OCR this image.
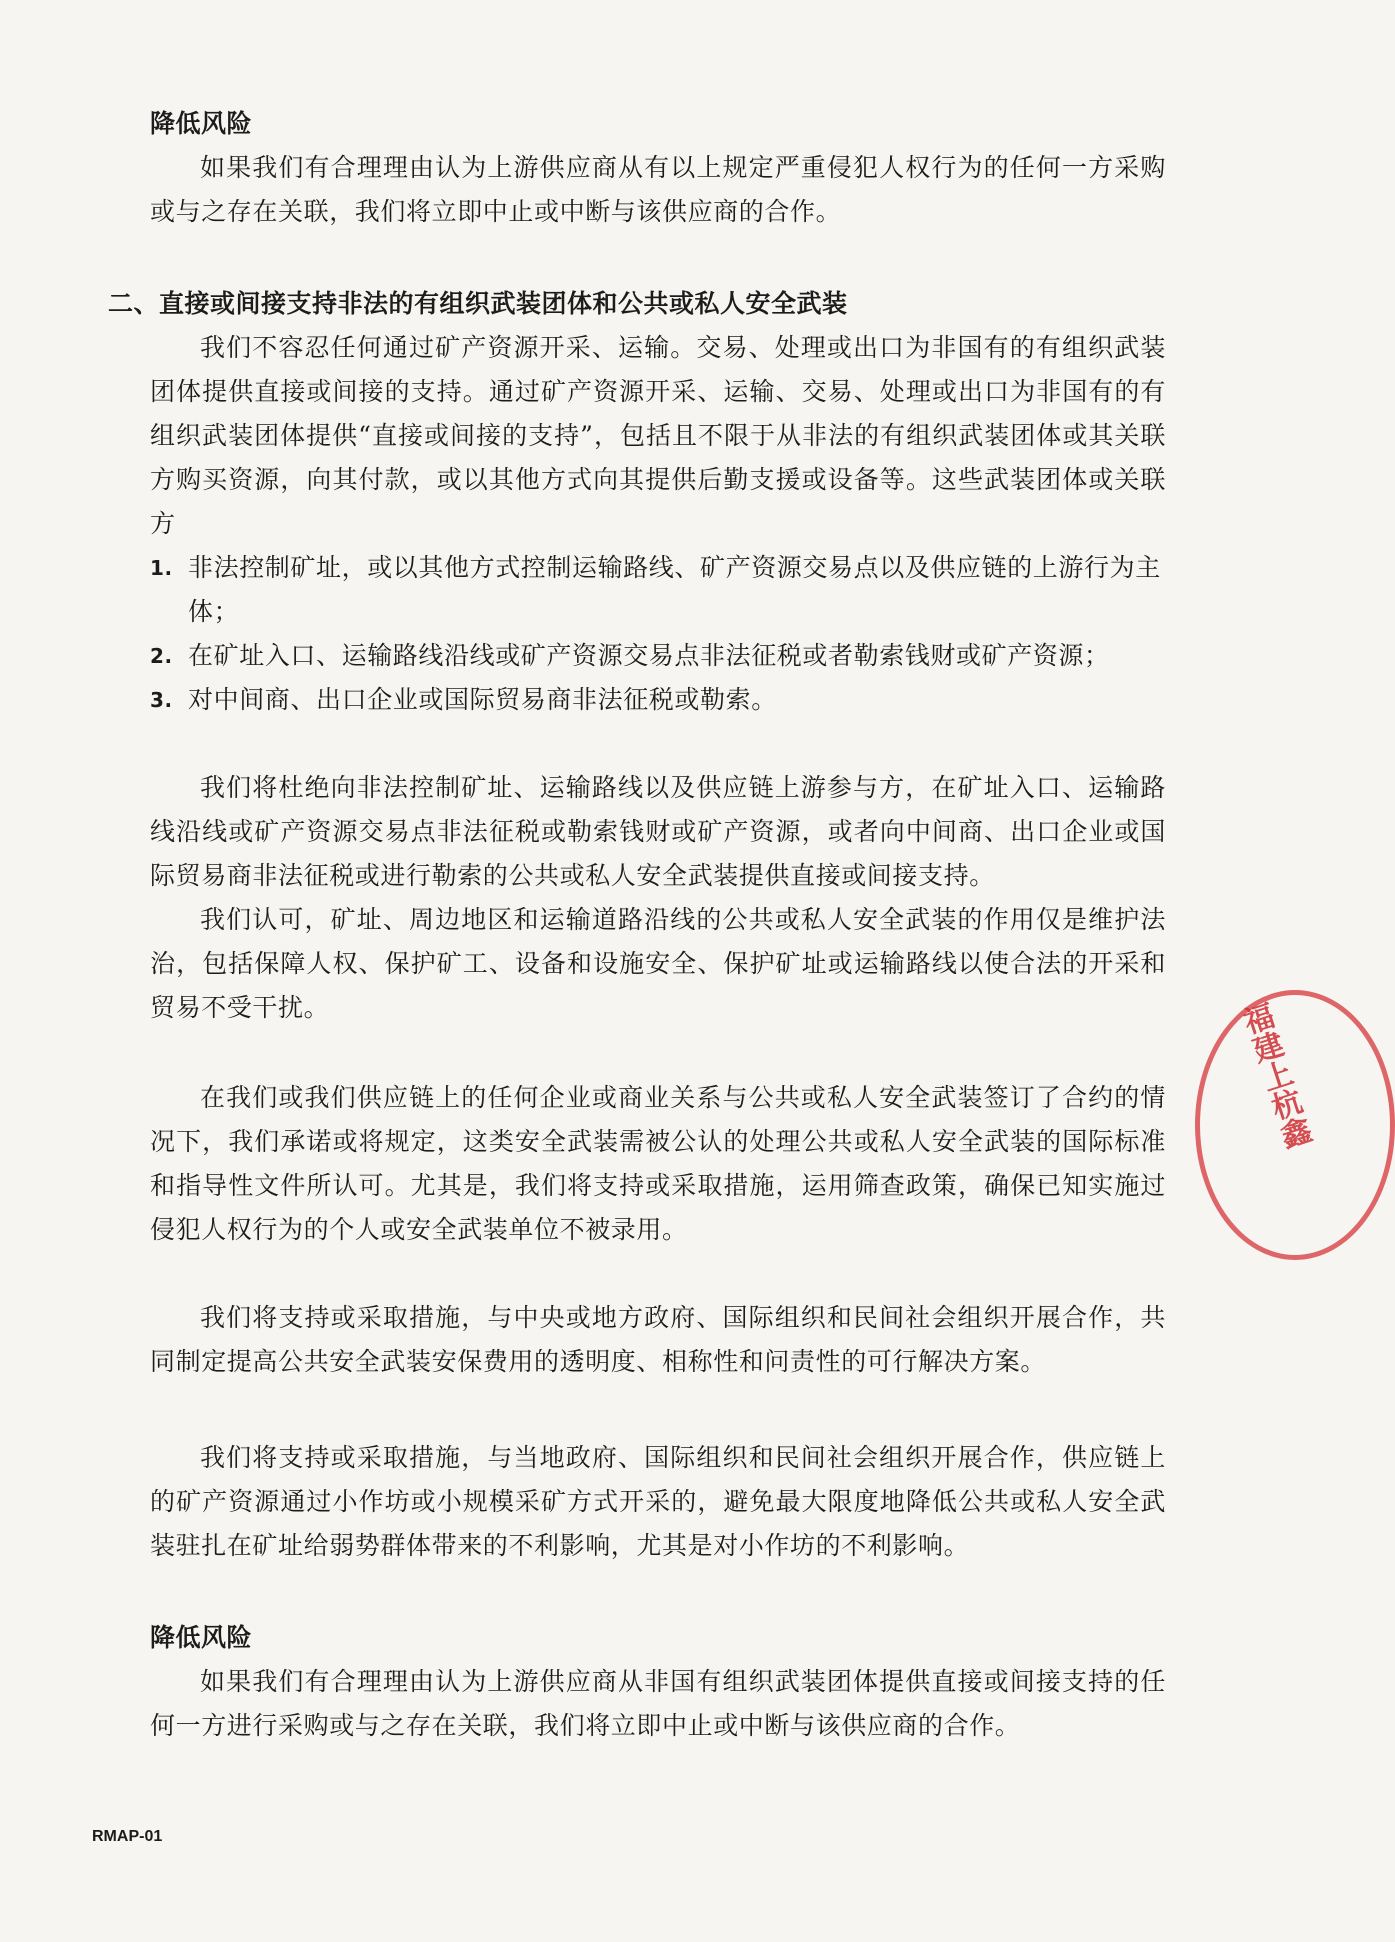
降低风险
如果我们有合理理由认为上游供应商从有以上规定严重侵犯人权行为的任何一方采购或与之存在关联，我们将立即中止或中断与该供应商的合作。
二、直接或间接支持非法的有组织武装团体和公共或私人安全武装
我们不容忍任何通过矿产资源开采、运输。交易、处理或出口为非国有的有组织武装团体提供直接或间接的支持。通过矿产资源开采、运输、交易、处理或出口为非国有的有组织武装团体提供“直接或间接的支持”，包括且不限于从非法的有组织武装团体或其关联方购买资源，向其付款，或以其他方式向其提供后勤支援或设备等。这些武装团体或关联方
1. 非法控制矿址，或以其他方式控制运输路线、矿产资源交易点以及供应链的上游行为主体；
2. 在矿址入口、运输路线沿线或矿产资源交易点非法征税或者勒索钱财或矿产资源；
3. 对中间商、出口企业或国际贸易商非法征税或勒索。
我们将杜绝向非法控制矿址、运输路线以及供应链上游参与方，在矿址入口、运输路线沿线或矿产资源交易点非法征税或勒索钱财或矿产资源，或者向中间商、出口企业或国际贸易商非法征税或进行勒索的公共或私人安全武装提供直接或间接支持。
我们认可，矿址、周边地区和运输道路沿线的公共或私人安全武装的作用仅是维护法治，包括保障人权、保护矿工、设备和设施安全、保护矿址或运输路线以使合法的开采和贸易不受干扰。
在我们或我们供应链上的任何企业或商业关系与公共或私人安全武装签订了合约的情况下，我们承诺或将规定，这类安全武装需被公认的处理公共或私人安全武装的国际标准和指导性文件所认可。尤其是，我们将支持或采取措施，运用筛查政策，确保已知实施过侵犯人权行为的个人或安全武装单位不被录用。
我们将支持或采取措施，与中央或地方政府、国际组织和民间社会组织开展合作，共同制定提高公共安全武装安保费用的透明度、相称性和问责性的可行解决方案。
我们将支持或采取措施，与当地政府、国际组织和民间社会组织开展合作，供应链上的矿产资源通过小作坊或小规模采矿方式开采的，避免最大限度地降低公共或私人安全武装驻扎在矿址给弱势群体带来的不利影响，尤其是对小作坊的不利影响。
降低风险
如果我们有合理理由认为上游供应商从非国有组织武装团体提供直接或间接支持的任何一方进行采购或与之存在关联，我们将立即中止或中断与该供应商的合作。
福建上杭鑫
RMAP-01
